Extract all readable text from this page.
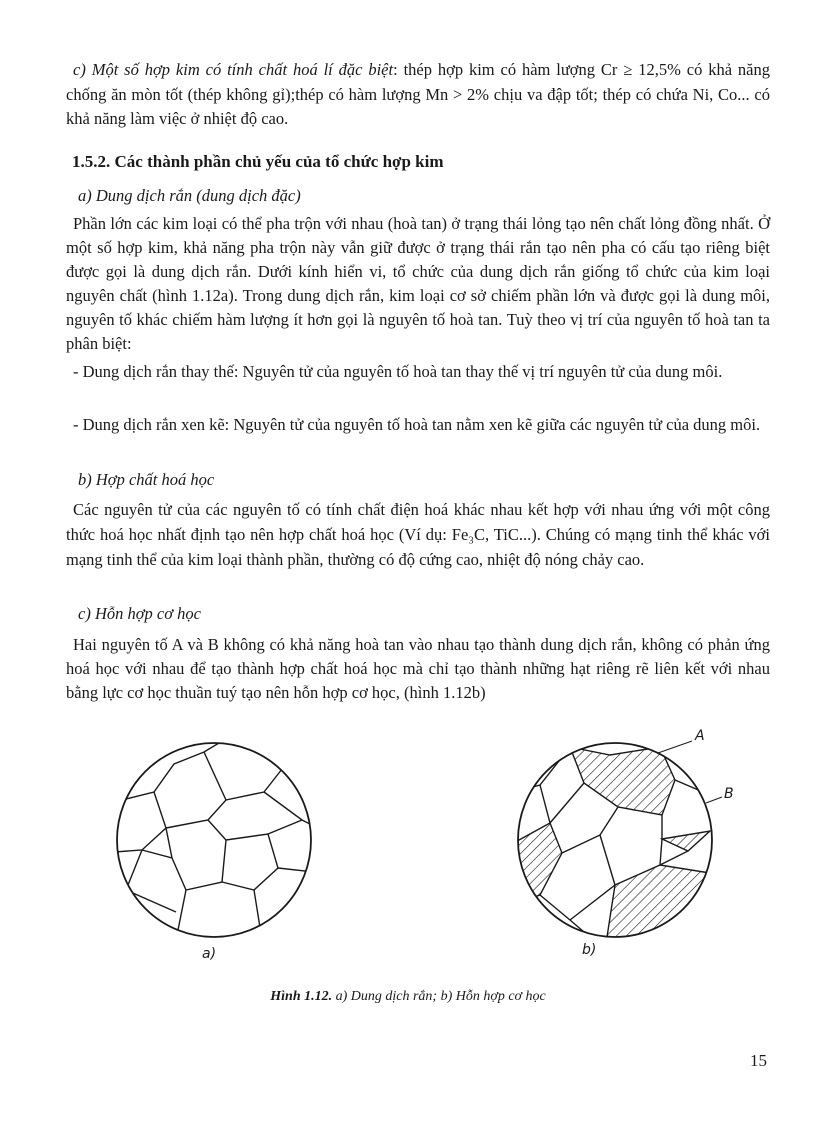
c) Một số hợp kim có tính chất hoá lí đặc biệt: thép hợp kim có hàm lượng Cr ≥ 12,5% có khả năng chống ăn mòn tốt (thép không gỉ);thép có hàm lượng Mn > 2% chịu va đập tốt; thép có chứa Ni, Co... có khả năng làm việc ở nhiệt độ cao.
1.5.2. Các thành phần chủ yếu của tổ chức hợp kim
a) Dung dịch rắn (dung dịch đặc)
Phần lớn các kim loại có thể pha trộn với nhau (hoà tan) ở trạng thái lỏng tạo nên chất lỏng đồng nhất. Ở một số hợp kim, khả năng pha trộn này vẫn giữ được ở trạng thái rắn tạo nên pha có cấu tạo riêng biệt được gọi là dung dịch rắn. Dưới kính hiển vi, tổ chức của dung dịch rắn giống tổ chức của kim loại nguyên chất (hình 1.12a). Trong dung dịch rắn, kim loại cơ sở chiếm phần lớn và được gọi là dung môi, nguyên tố khác chiếm hàm lượng ít hơn gọi là nguyên tố hoà tan. Tuỳ theo vị trí của nguyên tố hoà tan ta phân biệt:
- Dung dịch rắn thay thế: Nguyên tử của nguyên tố hoà tan thay thế vị trí nguyên tử của dung môi.
- Dung dịch rắn xen kẽ: Nguyên tử của nguyên tố hoà tan nằm xen kẽ giữa các nguyên tử của dung môi.
b) Hợp chất hoá học
Các nguyên tử của các nguyên tố có tính chất điện hoá khác nhau kết hợp với nhau ứng với một công thức hoá học nhất định tạo nên hợp chất hoá học (Ví dụ: Fe₃C, TiC...). Chúng có mạng tinh thể khác với mạng tinh thể của kim loại thành phần, thường có độ cứng cao, nhiệt độ nóng chảy cao.
c) Hỗn hợp cơ học
Hai nguyên tố A và B không có khả năng hoà tan vào nhau tạo thành dung dịch rắn, không có phản ứng hoá học với nhau để tạo thành hợp chất hoá học mà chỉ tạo thành những hạt riêng rẽ liên kết với nhau bằng lực cơ học thuần tuý tạo nên hỗn hợp cơ học, (hình 1.12b)
A
B
a)	b)
Hình 1.12. a) Dung dịch rắn; b) Hỗn hợp cơ học
15
